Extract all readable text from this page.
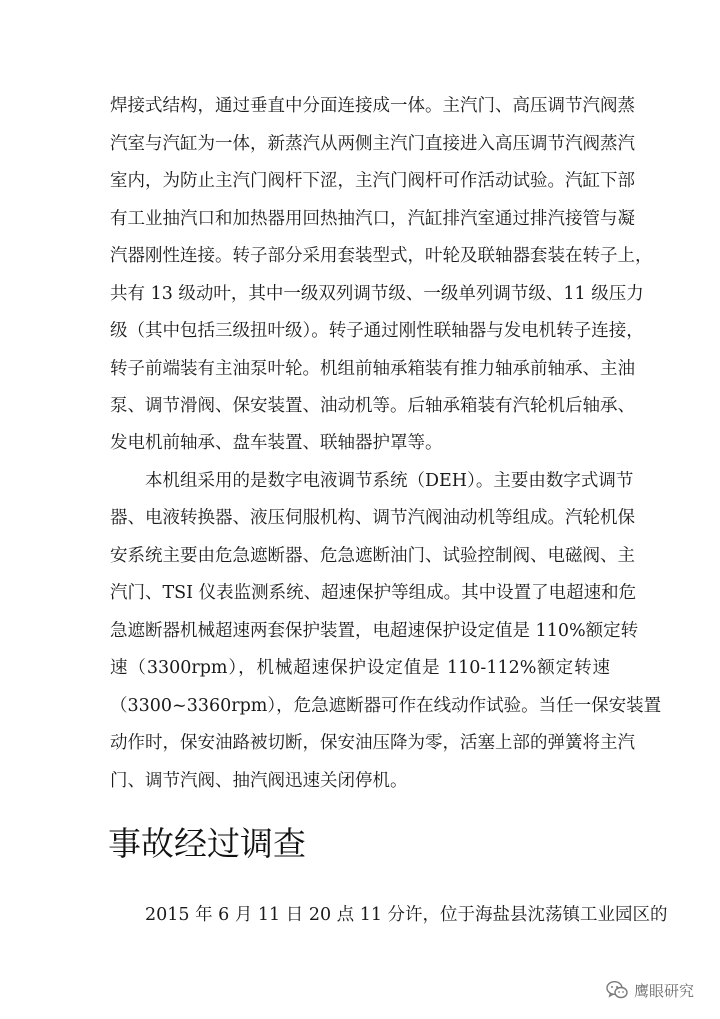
焊接式结构，通过垂直中分面连接成一体。主汽门、高压调节汽阀蒸
汽室与汽缸为一体，新蒸汽从两侧主汽门直接进入高压调节汽阀蒸汽
室内，为防止主汽门阀杆下涩，主汽门阀杆可作活动试验。汽缸下部
有工业抽汽口和加热器用回热抽汽口，汽缸排汽室通过排汽接管与凝
汽器刚性连接。转子部分采用套装型式，叶轮及联轴器套装在转子上，
共有 13 级动叶，其中一级双列调节级、一级单列调节级、11 级压力
级（其中包括三级扭叶级）。转子通过刚性联轴器与发电机转子连接，
转子前端装有主油泵叶轮。机组前轴承箱装有推力轴承前轴承、主油
泵、调节滑阀、保安装置、油动机等。后轴承箱装有汽轮机后轴承、
发电机前轴承、盘车装置、联轴器护罩等。
本机组采用的是数字电液调节系统（DEH）。主要由数字式调节
器、电液转换器、液压伺服机构、调节汽阀油动机等组成。汽轮机保
安系统主要由危急遮断器、危急遮断油门、试验控制阀、电磁阀、主
汽门、TSI 仪表监测系统、超速保护等组成。其中设置了电超速和危
急遮断器机械超速两套保护装置，电超速保护设定值是 110%额定转
速（3300rpm），机械超速保护设定值是 110-112%额定转速
（3300~3360rpm），危急遮断器可作在线动作试验。当任一保安装置
动作时，保安油路被切断，保安油压降为零，活塞上部的弹簧将主汽
门、调节汽阀、抽汽阀迅速关闭停机。
事故经过调查
2015 年 6 月 11 日 20 点 11 分许，位于海盐县沈荡镇工业园区的
鹰眼研究
